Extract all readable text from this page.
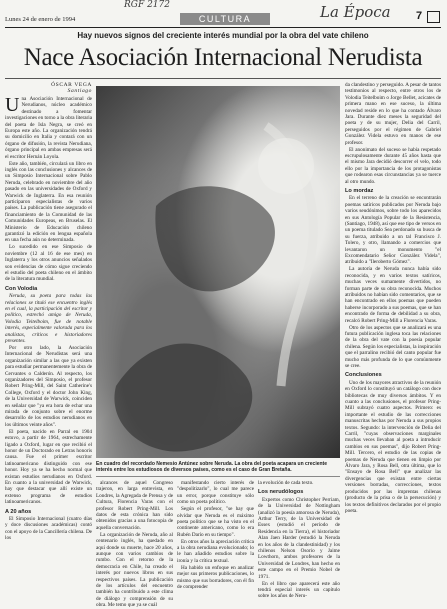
RGF 2172	La Época
Lunes 24 de enero de 1994	CULTURA	7
Hay nuevos signos del creciente interés mundial por la obra del vate chileno
Nace Asociación Internacional Nerudista
ÓSCAR VEGA
Santiago

Una Asociación Internacional de Nerudianos, núcleo académico destinado a fomentar investigaciones en torno a la obra literaria del poeta de Isla Negra, se creó en Europa este año. La organización tendrá su domicilio en Italia y contará con un órgano de difusión, la revista Nerudiana, órgano principal en ambas empresas será el escritor Hernán Loyola.

Este año, también, circulará un libro en inglés con las conclusiones y alcances de un Simposio Internacional sobre Pablo Neruda, celebrado en noviembre del año pasado en las universidades de Oxford y Warwick de Inglaterra. En esa reunión participaron especialistas de varios países. La publicación tiene asegurado el financiamiento de la Comunidad de las Comunidades Europeas, en Bruselas. El Ministerio de Educación chileno garantizó la edición en lengua española en una fecha aún no determinada.

Lo sucedido en ese Simposio de noviembre (12 al 16 de ese mes) en Inglaterra y los otros anuncios señalados son evidencias de cómo sigue creciendo el estudio del poeta chileno en el ámbito de la literatura mundial.

Con Volodia

Neruda, su poeta para todas las relaciones se tituló ese encuentro inglés en el cual, la participación del escritor y político, estrechó amigo de Neruda, Volodia Teitelboim, fue de notable interés, especialmente valorada para los analistas, críticos e historiadores presentes.

Por otro lado, la Asociación Internacional de Nerudistas será una organización similar a las que ya existen para estudiar permanentemente la obra de Cervantes o Calderón. Al respecto, los organizadores del Simposio, el profesor Robert Pring-Mill, del Saint Catherine's College, Oxford y el doctor John King, de la Universidad de Warwick, coinciden en señalar que "ya era hora de echar una mirada de conjunto sobre el enorme desarrollo de los estudios nerudianos en los últimos veinte años".

El poeta, nacido en Parral en 1904 estuvo, a partir de 1964, estrechamente ligado a Oxford, lugar en que recibió el honor de un Doctorado en Letras honoris causa. Fue el primer escritor latinoamericano distinguido con ese honor. Hoy ya se ha hecho normal que existan estudios nerudianos en Oxford. En cuanto a la universidad de Warwick, hay que destacar que allí existe un extenso programa de estudios latinoamericanos.

A 20 años

El Simposio Internacional (cuatro días y doce discusiones académicas) contó con el apoyo de la Cancillería chilena. De los

En cuadro del recordado Nemesio Antúnez sobre Neruda. La obra del poeta acapara un creciente interés entre los estudiosos de diversos países, como es el caso de Gran Bretaña.

alcances de aquel Congreso trajeron, en larga entrevista, en Londres, la Agregada de Prensa y de Cultura, Florencia Varas con el profesor Robert Pring-Mill. Los datos de esta crónica han sido obtenidos gracias a una fotocopia de aquella conversación.

La organización de Neruda, año al centenario inglés, ha quedado en aquí donde su muerte, hace 20 años, aunque con varios cambios de rumbo. Con el retorno de la democracia en Chile, ha creado el interés por nuevos libros en sus respectivos países. La publicación de los artículos del encuentro también ha contribuido a este clima de diálogo y comprensión de su obra. Me temo que ya se cuál

manifestando cierto interés de "despolitizarlo", lo cual me parece un error, porque constituye sólo como un poeta político.

Según el profesor, "se hay que olvidar que Neruda es el máximo poeta político que se ha visto en el continente americano, como lo era Rubén Darío en su tiempo".

En otros años la apreciación crítica a la obra nerudiana evolucionado; lo le han añadido estudios sobre la ironía y la crítica textual.

Ha habido un enfoque en analizar mejor sus primeros publicaciones, lo mismo que sus borradores, con él fin de comprender

la evolución de cada texto.

Los nerudólogos

Expertos como Christopher Perriam, de la Universidad de Nottingham (analizó la poesía amorosa de Neruda), Arthur Terry, de la Universidad de Essex (estudió el período de Residencia en la Tierra), el historiador Alan Jaen Harder (estudió la Neruda en los años de la clandestinidad) y los chilenos Nelson Osorio y Jaime Lowthorn, ambos profesores de la Universidad de Londres, han hecho en este campo en el Premio Nobel de 1971.

En el libro que aparecerá este año tendrá especial interés un capítulo sobre los años de Neru-

da clandestino y perseguido. A pesar de tantos testimonios al respecto, entre otros los de Volodia Teitelboim o Jorge Bellet, acicates de primera mano en ese suceso, la última novedad reside en lo que ha contado Álvaro Jara. Durante diez meses la seguridad del poeta y de su mujer, Delia del Carril, perseguidos por el régimen de Gabriel González Videla estuvo en manos de ese profesor.

El anonimato del suceso se había respetado escrupulosamente durante 45 años hasta que el mismo Jara decidió descorrer el velo, todo ello por la importancia de los protagonistas que rodearon esas circunstancias ya se tuerce al otro mundo.

Lo mordaz

En el terreno de la creación se encontrarán poemas satíricos publicados por Neruda bajo varios seudónimos, sobre todo los aparecidos en sus Antología Popular de la Resistencia, (Santiago, 1948), así que ese tipo de versos en un poema titulado Sea perdonado su busca de su fuerza, atribuido a un tal Francisco J. Tolero, y otro, llamando a comercios que levantaron un monumento "el Excomendatario Señor González Videla", atribuido a "Ileroberto Gómez".

La autoría de Neruda nunca había sido reconocida, y en varios textos satíricos, muchas veces sumamente divertidos, no forman parte de su obra reconocida. Muchos atribuidos no habían sido comentarios, que se han encontrado en ellos poemas que pueden haberse incorporado a sus poemas, que se han encontrado de forma de debilidad a su obra, recalcó Robert Pring-Mill a Florencia Varas.

Otro de los aspectos que se analizará es una futura publicación inglesa toca las relaciones de la obra del vate con la poesía popular chilena. Según los especialistas, la inspiración que el parralino recibió del canto popular fue mucho más profunda de lo que comúnmente se cree.

Conclusiones

Uno de los mayores atractivos de la reunión en Oxford lo constituyó un catálogo con doce bibliotecas de muy diversos ámbitos. Y en cuanto a las conclusiones, el profesor Pring-Mill subrayó cuatro aspectos. Primero: es importante el estudio de las correcciones manuscritas hechas por Neruda a sus propios textos. Segundo: la intervención de Delia del Carril, "cuyas observaciones marginales muchas veces llevaban al poeta a introducir cambios en sus poemas", dijo Robert Pring-Mill. Tercero, el estudio de las copias de poemas de Neruda que tienen en limpio por Álvaro Jara, y Rosa Bell, otra última, que lo "Ensayo de Rosa Bell" que analizar las divergencias que existan entre ciertas versiones borradas, correcciones, textos producidos por las imprentas chilenas (producto de la prisa o de la persecución) y los textos definitivos declarados por el propio poeta.
